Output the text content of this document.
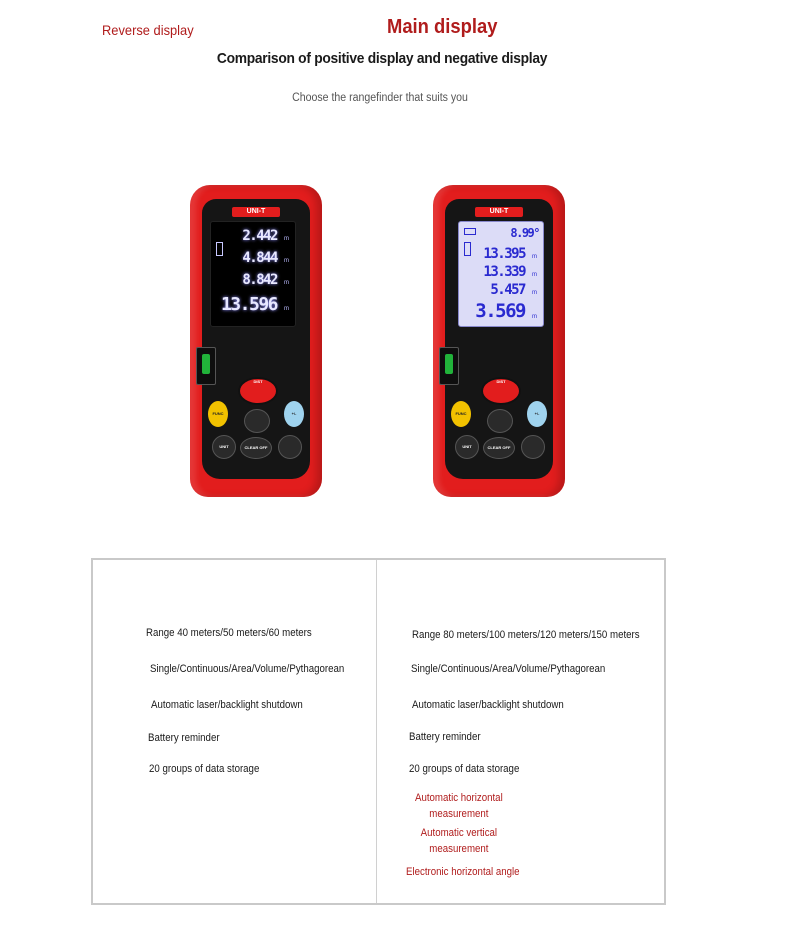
Comparison of positive display and negative display
Choose the rangefinder that suits you
UNI-T
2.442 m
4.844 m
8.842 m
13.596 m
DIST
FUNC	+/-
UNIT	CLEAR OFF
UNI-T
8.99°
13.395 m
13.339 m
5.457 m
3.569 m
DIST
FUNC	+/-
UNIT	CLEAR OFF
Reverse display	Main display
Range 40 meters/50 meters/60 meters
Single/Continuous/Area/Volume/Pythagorean
Automatic laser/backlight shutdown
Battery reminder
20 groups of data storage
Range 80 meters/100 meters/120 meters/150 meters
Single/Continuous/Area/Volume/Pythagorean
Automatic laser/backlight shutdown
Battery reminder
20 groups of data storage
Automatic horizontal measurement
Automatic vertical measurement
Electronic horizontal angle
